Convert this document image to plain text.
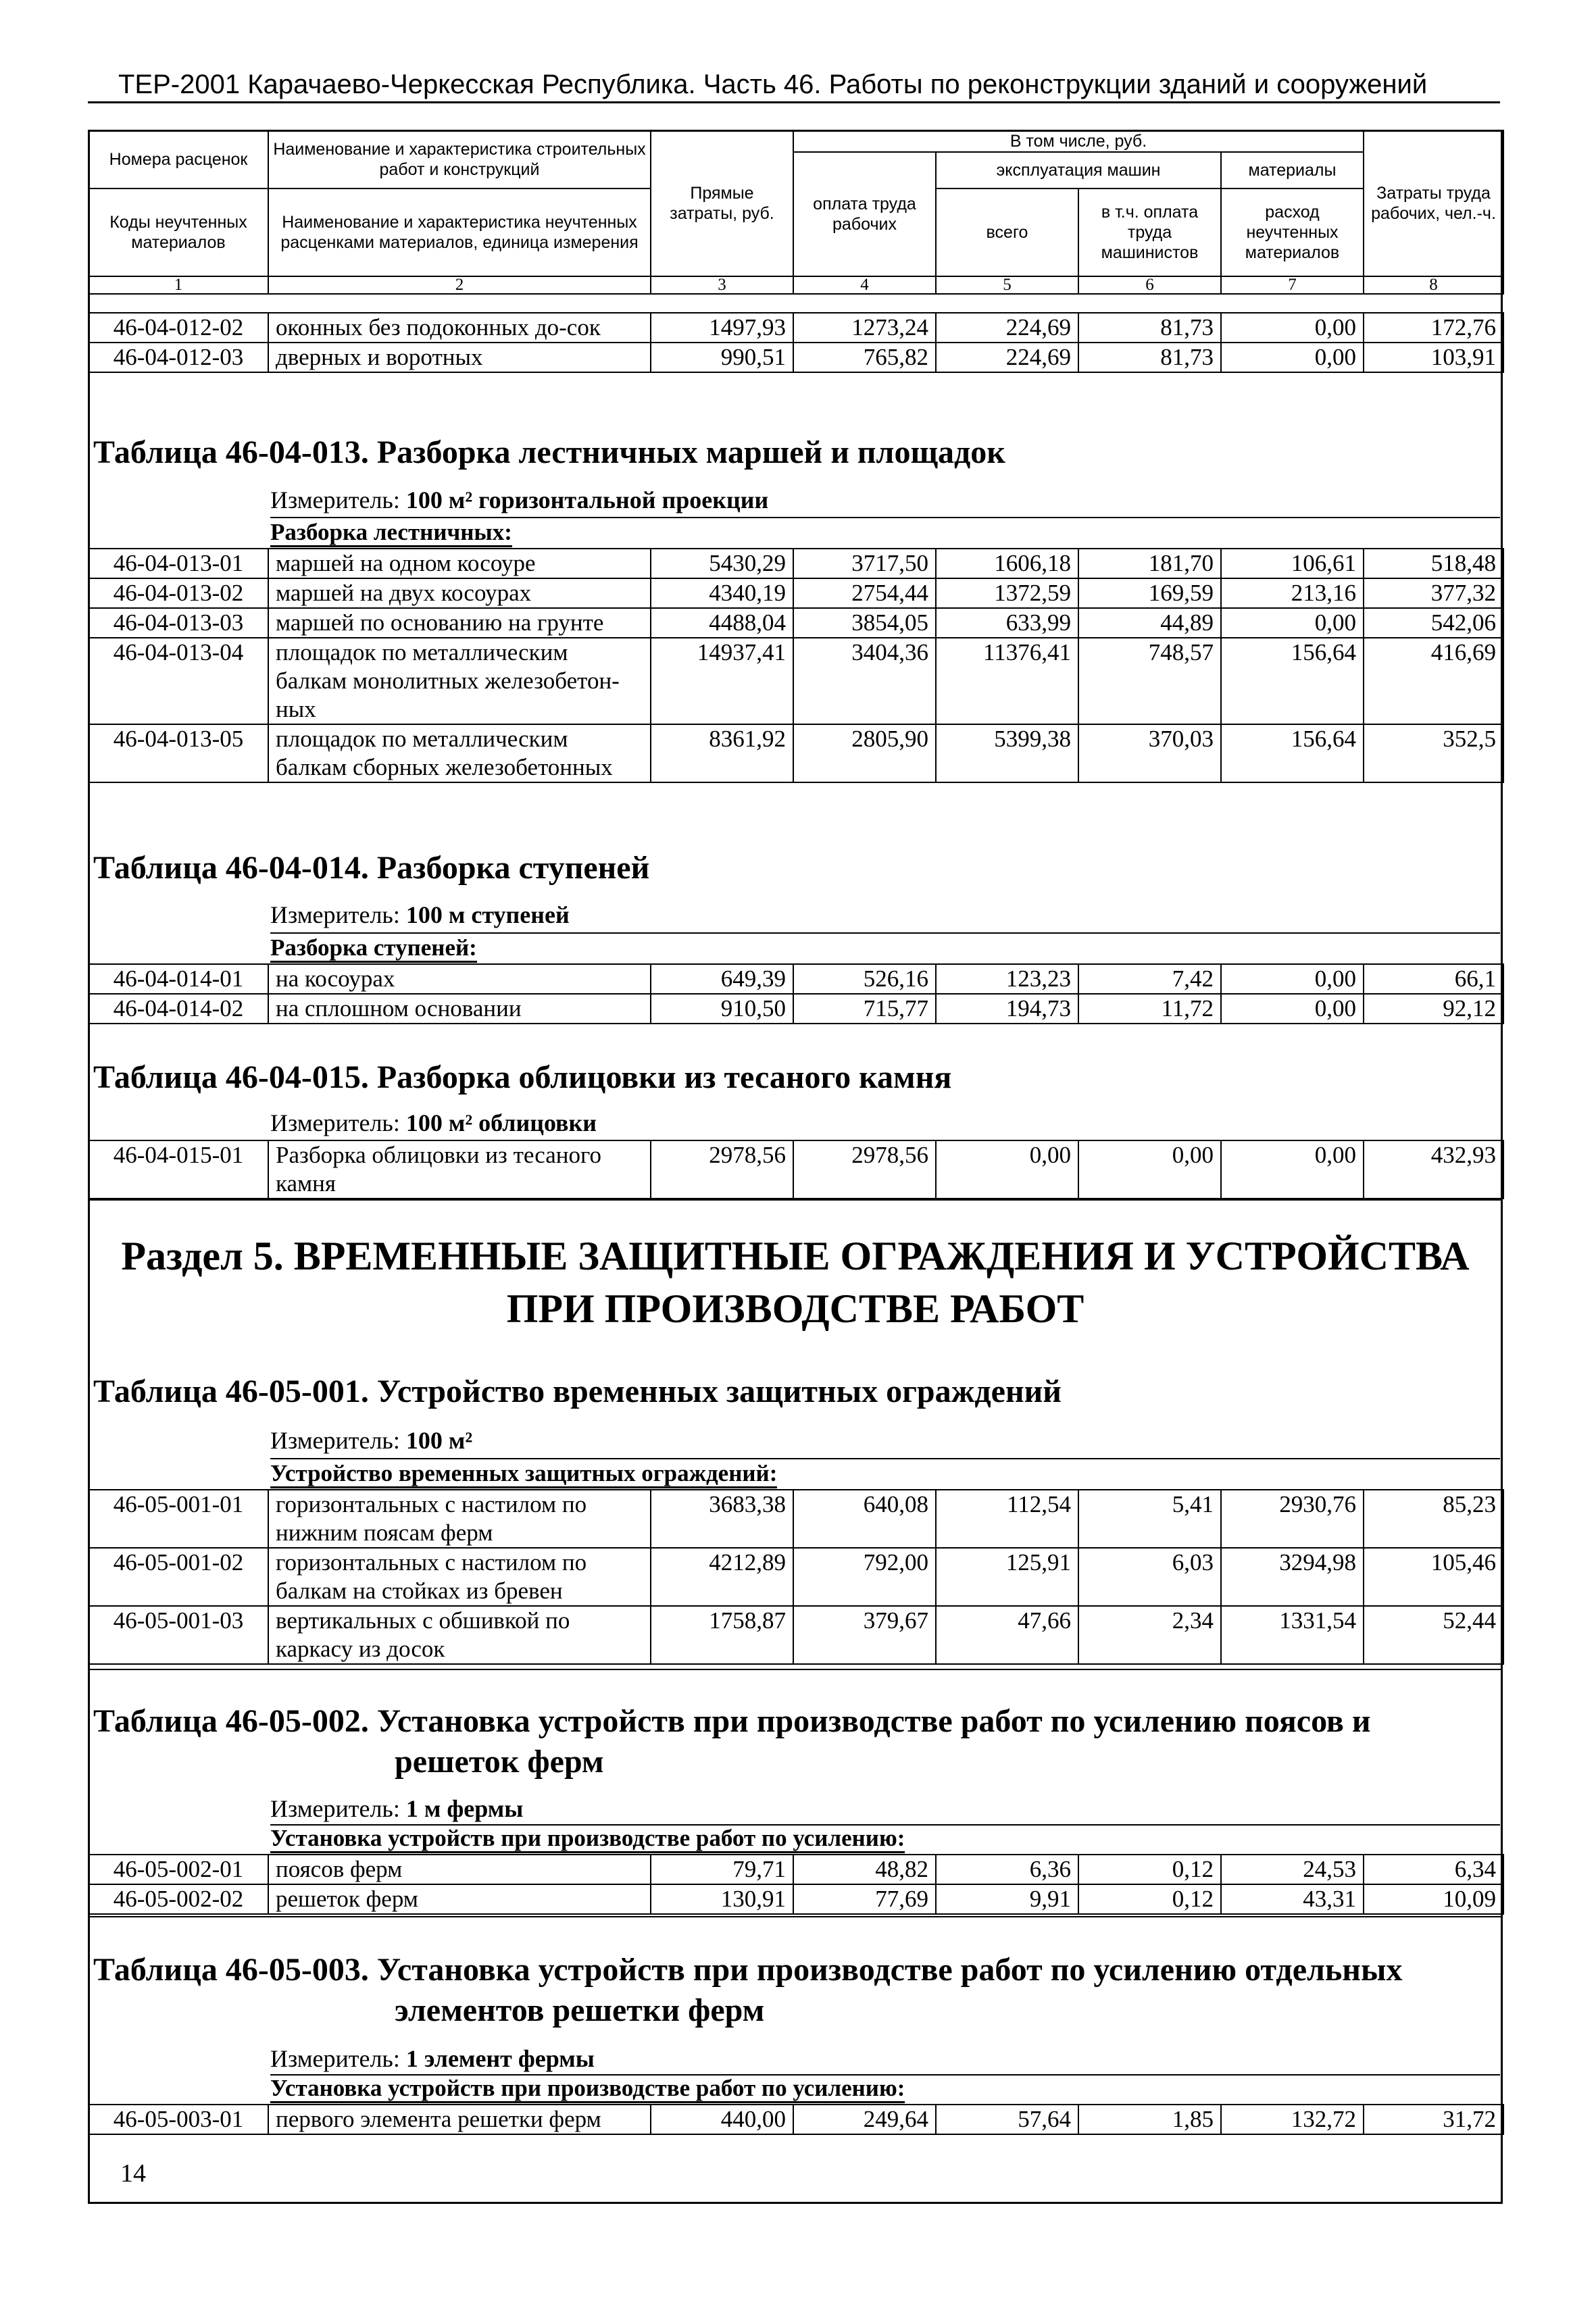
ТЕР-2001 Карачаево-Черкесская Республика. Часть 46. Работы по реконструкции зданий и сооружений
Номера расценок	Наименование и характеристика строительных работ и конструкций	Прямые затраты, руб.	В том числе, руб.				Затраты труда рабочих, чел.-ч.
			оплата труда рабочих	эксплуатация машин		материалы	
Коды неучтенных материалов	Наименование и характеристика неучтенных расценками материалов, единица измерения			всего	в т.ч. оплата труда машинистов	расход неучтенных материалов	

1	2	3	4	5	6	7	8
46-04-012-02	оконных без подоконных до-сок	1497,93	1273,24	224,69	81,73	0,00	172,76
46-04-012-03	дверных и воротных	990,51	765,82	224,69	81,73	0,00	103,91
Таблица 46-04-013. Разборка лестничных маршей и площадок
Измеритель: 100 м² горизонтальной проекции
Разборка лестничных:
46-04-013-01	маршей на одном косоуре	5430,29	3717,50	1606,18	181,70	106,61	518,48
46-04-013-02	маршей на двух косоурах	4340,19	2754,44	1372,59	169,59	213,16	377,32
46-04-013-03	маршей по основанию на грунте	4488,04	3854,05	633,99	44,89	0,00	542,06
46-04-013-04	площадок по металлическим балкам монолитных железобетон-ных	14937,41	3404,36	11376,41	748,57	156,64	416,69
46-04-013-05	площадок по металлическим балкам сборных железобетонных	8361,92	2805,90	5399,38	370,03	156,64	352,5
Таблица 46-04-014. Разборка ступеней
Измеритель: 100 м ступеней
Разборка ступеней:
46-04-014-01	на косоурах	649,39	526,16	123,23	7,42	0,00	66,1
46-04-014-02	на сплошном основании	910,50	715,77	194,73	11,72	0,00	92,12
Таблица 46-04-015. Разборка облицовки из тесаного камня
Измеритель: 100 м² облицовки
46-04-015-01	Разборка облицовки из тесаного камня	2978,56	2978,56	0,00	0,00	0,00	432,93
Раздел 5. ВРЕМЕННЫЕ ЗАЩИТНЫЕ ОГРАЖДЕНИЯ И УСТРОЙСТВА
ПРИ ПРОИЗВОДСТВЕ РАБОТ
Таблица 46-05-001. Устройство временных защитных ограждений
Измеритель: 100 м²
Устройство временных защитных ограждений:
46-05-001-01	горизонтальных с настилом по нижним поясам ферм	3683,38	640,08	112,54	5,41	2930,76	85,23
46-05-001-02	горизонтальных с настилом по балкам на стойках из бревен	4212,89	792,00	125,91	6,03	3294,98	105,46
46-05-001-03	вертикальных с обшивкой по каркасу из досок	1758,87	379,67	47,66	2,34	1331,54	52,44
Таблица 46-05-002. Установка устройств при производстве работ по усилению поясов и
решеток ферм
Измеритель: 1 м фермы
Установка устройств при производстве работ по усилению:
46-05-002-01	поясов ферм	79,71	48,82	6,36	0,12	24,53	6,34
46-05-002-02	решеток ферм	130,91	77,69	9,91	0,12	43,31	10,09
Таблица 46-05-003. Установка устройств при производстве работ по усилению отдельных
элементов решетки ферм
Измеритель: 1 элемент фермы
Установка устройств при производстве работ по усилению:
46-05-003-01	первого элемента решетки ферм	440,00	249,64	57,64	1,85	132,72	31,72
14
